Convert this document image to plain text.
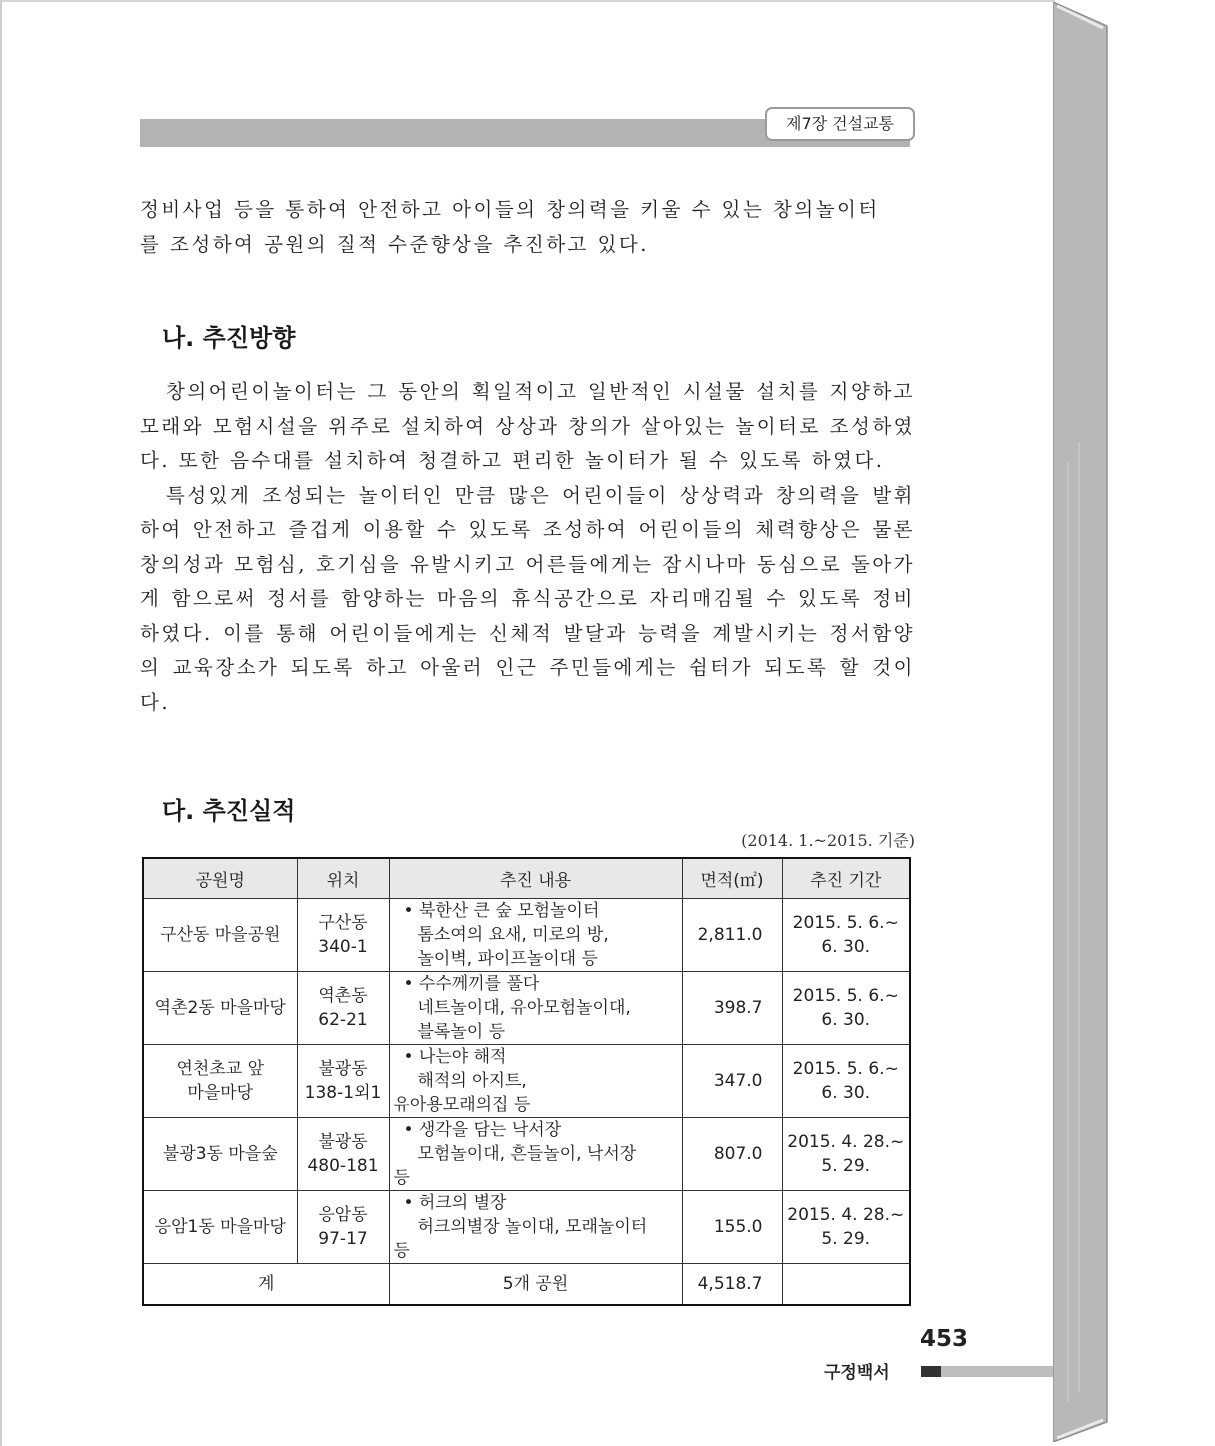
제7장 건설교통
정비사업 등을 통하여 안전하고 아이들의 창의력을 키울 수 있는 창의놀이터
를 조성하여 공원의 질적 수준향상을 추진하고 있다.
나. 추진방향

창의어린이놀이터는 그 동안의 획일적이고 일반적인 시설물 설치를 지양하고 모래와 모험시설을 위주로 설치하여 상상과 창의가 살아있는 놀이터로 조성하였다. 또한 음수대를 설치하여 청결하고 편리한 놀이터가 될 수 있도록 하였다.

특성있게 조성되는 놀이터인 만큼 많은 어린이들이 상상력과 창의력을 발휘하여 안전하고 즐겁게 이용할 수 있도록 조성하여 어린이들의 체력향상은 물론 창의성과 모험심, 호기심을 유발시키고 어른들에게는 잠시나마 동심으로 돌아가게 함으로써 정서를 함양하는 마음의 휴식공간으로 자리매김될 수 있도록 정비하였다. 이를 통해 어린이들에게는 신체적 발달과 능력을 계발시키는 정서함양의 교육장소가 되도록 하고 아울러 인근 주민들에게는 쉼터가 되도록 할 것이다.

다. 추진실적
(2014. 1.~2015. 기준)
공원명	위치	추진 내용	면적(㎡)	추진 기간
구산동 마을공원	구산동
340-1	• 북한산 큰 숲 모험놀이터
톰소여의 요새, 미로의 방,
놀이벽, 파이프놀이대 등	2,811.0	2015. 5. 6.~
6. 30.

역촌2동 마을마당	역촌동
62-21	• 수수께끼를 풀다
네트놀이대, 유아모험놀이대,
블록놀이 등	398.7	2015. 5. 6.~
6. 30.

연천초교 앞
마을마당	불광동
138-1외1	• 나는야 해적
해적의 아지트,
유아용모래의집 등	347.0	2015. 5. 6.~
6. 30.

불광3동 마을숲	불광동
480-181	• 생각을 담는 낙서장
모험놀이대, 흔들놀이, 낙서장
등	807.0	2015. 4. 28.~
5. 29.

응암1동 마을마당	응암동
97-17	• 허크의 별장
허크의별장 놀이대, 모래놀이터
등	155.0	2015. 4. 28.~
5. 29.

계		5개 공원	4,518.7	
453
구정백서
